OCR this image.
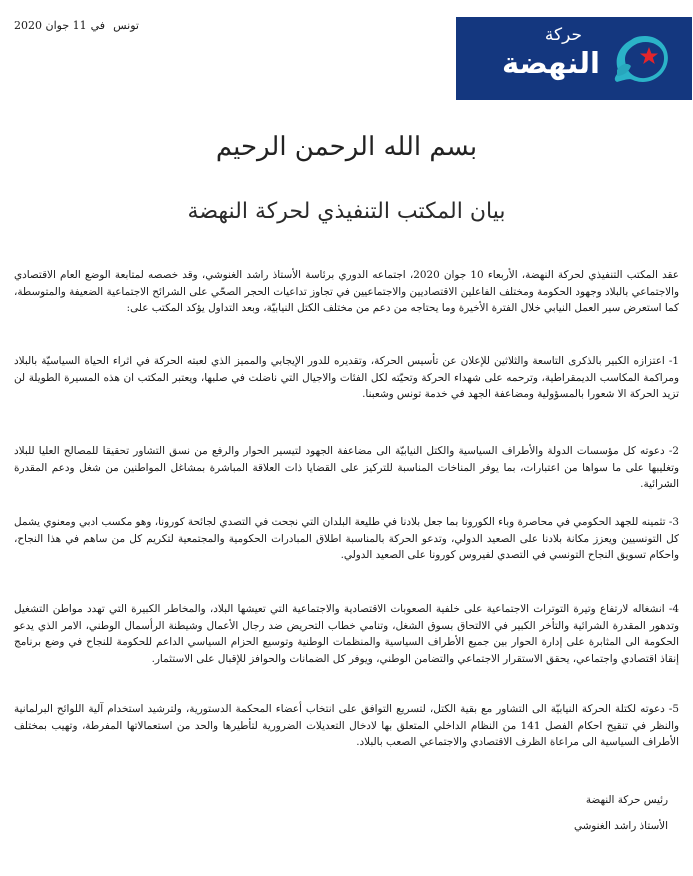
تونس
في
11 جوان 2020	حركة
النهضة
بسم الله الرحمن الرحيم
بيان المكتب التنفيذي لحركة النهضة

عقد المكتب التنفيذي لحركة النهضة، الأربعاء 10 جوان 2020، اجتماعه الدوري برئاسة الأستاذ راشد الغنوشي، وقد خصصه لمتابعة الوضع العام الاقتصادي والاجتماعي بالبلاد وجهود الحكومة ومختلف الفاعلين الاقتصاديين والاجتماعيين في تجاوز تداعيات الحجر الصحّي على الشرائح الاجتماعية الضعيفة والمتوسطة، كما استعرض سير العمل النيابي خلال الفترة الأخيرة وما يحتاجه من دعم من مختلف الكتل النيابيّة، وبعد التداول يؤكد المكتب على:

1- اعتزازه الكبير بالذكرى التاسعة والثلاثين للإعلان عن تأسيس الحركة، وتقديره للدور الإيجابي والمميز الذي لعبته الحركة في اثراء الحياة السياسيّة بالبلاد ومراكمة المكاسب الديمقراطية، وترحمه على شهداء الحركة وتحيّته لكل الفئات والاجيال التي ناضلت في صلبها، ويعتبر المكتب ان هذه المسيرة الطويلة لن تزيد الحركة الا شعورا بالمسؤولية ومضاعفة الجهد في خدمة تونس وشعبنا.

2- دعوته كل مؤسسات الدولة والأطراف السياسية والكتل النيابيّة الى مضاعفة الجهود لتيسير الحوار والرفع من نسق التشاور تحقيقا للمصالح العليا للبلاد وتغليبها على ما سواها من اعتبارات، بما يوفر المناخات المناسبة للتركيز على القضايا ذات العلاقة المباشرة بمشاغل المواطنين من شغل ودعم المقدرة الشرائية.

3- تثمينه للجهد الحكومي في محاصرة وباء الكورونا بما جعل بلادنا في طليعة البلدان التي نجحت في التصدي لجائحة كورونا، وهو مكسب ادبي ومعنوي يشمل كل التونسيين ويعزز مكانة بلادنا على الصعيد الدولي، وتدعو الحركة بالمناسبة اطلاق المبادرات الحكومية والمجتمعية لتكريم كل من ساهم في هذا النجاح، واحكام تسويق النجاح التونسي في التصدي لفيروس كورونا على الصعيد الدولي.

4- انشغاله لارتفاع وتيرة التوترات الاجتماعية على خلفية الصعوبات الاقتصادية والاجتماعية التي تعيشها البلاد، والمخاطر الكبيرة التي تهدد مواطن التشغيل وتدهور المقدرة الشرائية والتأخر الكبير في الالتحاق بسوق الشغل، وتنامي خطاب التحريض ضد رجال الأعمال وشيطنة الرأسمال الوطني، الامر الذي يدعو الحكومة الى المثابرة على إدارة الحوار بين جميع الأطراف السياسية والمنظمات الوطنية وتوسيع الحزام السياسي الداعم للحكومة للنجاح في وضع برنامج إنقاذ اقتصادي واجتماعي، يحقق الاستقرار الاجتماعي والتضامن الوطني، ويوفر كل الضمانات والحوافز للإقبال على الاستثمار.

5- دعوته لكتلة الحركة النيابيّة الى التشاور مع بقية الكتل، لتسريع التوافق على انتخاب أعضاء المحكمة الدستورية، ولترشيد استخدام آلية اللوائح البرلمانية والنظر في تنقيح احكام الفصل 141 من النظام الداخلي المتعلق بها لادخال التعديلات الضرورية لتأطيرها والحد من استعمالاتها المفرطة، وتهيب بمختلف الأطراف السياسية الى مراعاة الظرف الاقتصادي والاجتماعي الصعب بالبلاد.

رئيس حركة النهضة
الأستاذ راشد الغنوشي
